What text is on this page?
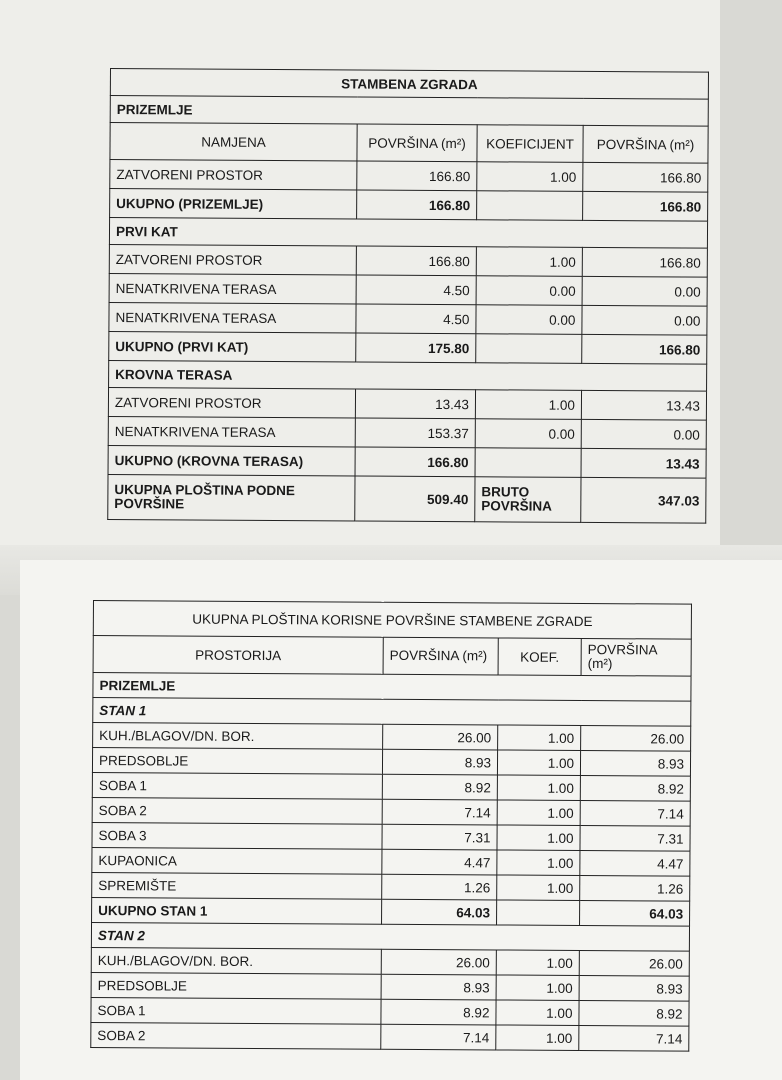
STAMBENA ZGRADA			
PRIZEMLJE			
NAMJENA	POVRŠINA (m²)	KOEFICIJENT	POVRŠINA (m²)
ZATVORENI PROSTOR	166.80	1.00	166.80
UKUPNO (PRIZEMLJE)	166.80		166.80
PRVI KAT			
ZATVORENI PROSTOR	166.80	1.00	166.80
NENATKRIVENA TERASA	4.50	0.00	0.00
NENATKRIVENA TERASA	4.50	0.00	0.00
UKUPNO (PRVI KAT)	175.80		166.80
KROVNA TERASA			
ZATVORENI PROSTOR	13.43	1.00	13.43
NENATKRIVENA TERASA	153.37	0.00	0.00
UKUPNO (KROVNA TERASA)	166.80		13.43
UKUPNA PLOŠTINA PODNE POVRŠINE	509.40	BRUTO POVRŠINA	347.03
UKUPNA PLOŠTINA KORISNE POVRŠINE STAMBENE ZGRADE			
PROSTORIJA	POVRŠINA (m²)	KOEF.	POVRŠINA (m²)
PRIZEMLJE			
STAN 1			
KUH./BLAGOV/DN. BOR.	26.00	1.00	26.00
PREDSOBLJE	8.93	1.00	8.93
SOBA 1	8.92	1.00	8.92
SOBA 2	7.14	1.00	7.14
SOBA 3	7.31	1.00	7.31
KUPAONICA	4.47	1.00	4.47
SPREMIŠTE	1.26	1.00	1.26
UKUPNO STAN 1	64.03		64.03
STAN 2			
KUH./BLAGOV/DN. BOR.	26.00	1.00	26.00
PREDSOBLJE	8.93	1.00	8.93
SOBA 1	8.92	1.00	8.92
SOBA 2	7.14	1.00	7.14
